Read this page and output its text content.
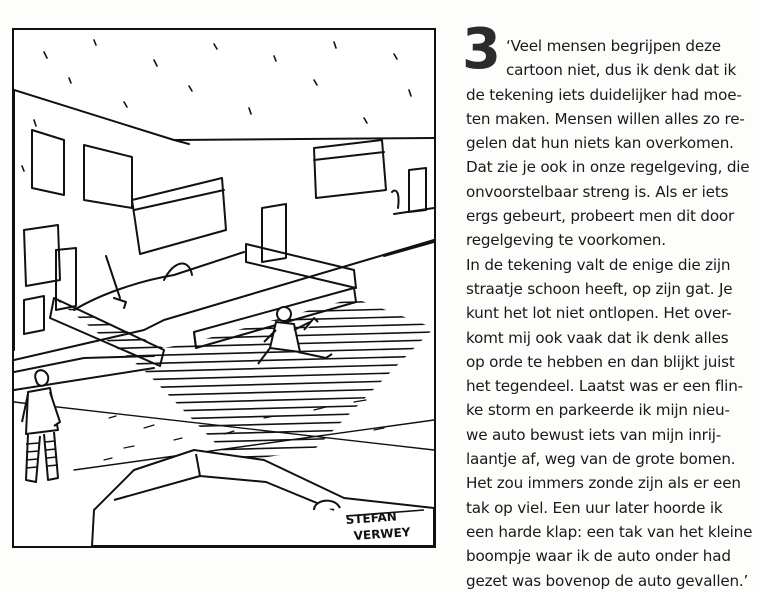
STEFAN
VERWEY
3 ‘Veel mensen begrijpen deze
cartoon niet, dus ik denk dat ik
de tekening iets duidelijker had moe-
ten maken. Mensen willen alles zo re-
gelen dat hun niets kan overkomen.
Dat zie je ook in onze regelgeving, die
onvoorstelbaar streng is. Als er iets
ergs gebeurt, probeert men dit door
regelgeving te voorkomen.
In de tekening valt de enige die zijn
straatje schoon heeft, op zijn gat. Je
kunt het lot niet ontlopen. Het over-
komt mij ook vaak dat ik denk alles
op orde te hebben en dan blijkt juist
het tegendeel. Laatst was er een flin-
ke storm en parkeerde ik mijn nieu-
we auto bewust iets van mijn inrij-
laantje af, weg van de grote bomen.
Het zou immers zonde zijn als er een
tak op viel. Een uur later hoorde ik
een harde klap: een tak van het kleine
boompje waar ik de auto onder had
gezet was bovenop de auto gevallen.’
